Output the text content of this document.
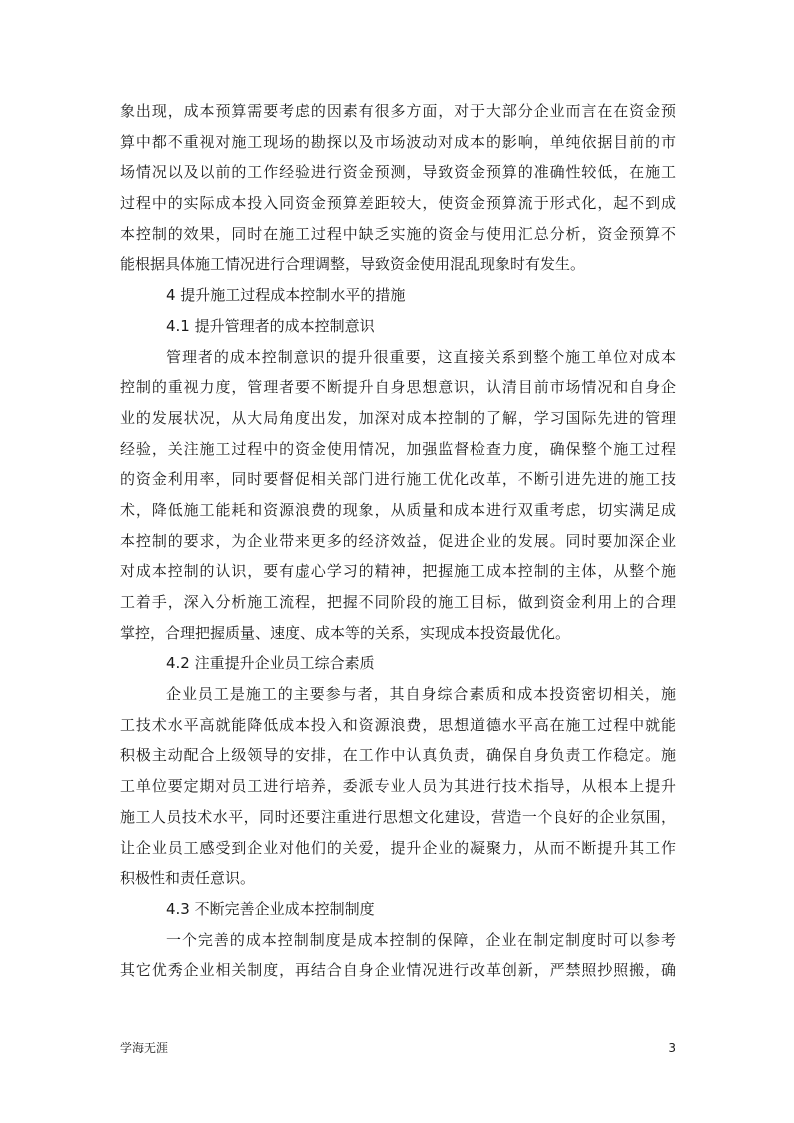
象出现，成本预算需要考虑的因素有很多方面，对于大部分企业而言在在资金预
算中都不重视对施工现场的勘探以及市场波动对成本的影响，单纯依据目前的市
场情况以及以前的工作经验进行资金预测，导致资金预算的准确性较低，在施工
过程中的实际成本投入同资金预算差距较大，使资金预算流于形式化，起不到成
本控制的效果，同时在施工过程中缺乏实施的资金与使用汇总分析，资金预算不
能根据具体施工情况进行合理调整，导致资金使用混乱现象时有发生。
4 提升施工过程成本控制水平的措施
4.1 提升管理者的成本控制意识
管理者的成本控制意识的提升很重要，这直接关系到整个施工单位对成本
控制的重视力度，管理者要不断提升自身思想意识，认清目前市场情况和自身企
业的发展状况，从大局角度出发，加深对成本控制的了解，学习国际先进的管理
经验，关注施工过程中的资金使用情况，加强监督检查力度，确保整个施工过程
的资金利用率，同时要督促相关部门进行施工优化改革，不断引进先进的施工技
术，降低施工能耗和资源浪费的现象，从质量和成本进行双重考虑，切实满足成
本控制的要求，为企业带来更多的经济效益，促进企业的发展。同时要加深企业
对成本控制的认识，要有虚心学习的精神，把握施工成本控制的主体，从整个施
工着手，深入分析施工流程，把握不同阶段的施工目标，做到资金利用上的合理
掌控，合理把握质量、速度、成本等的关系，实现成本投资最优化。
4.2 注重提升企业员工综合素质
企业员工是施工的主要参与者，其自身综合素质和成本投资密切相关，施
工技术水平高就能降低成本投入和资源浪费，思想道德水平高在施工过程中就能
积极主动配合上级领导的安排，在工作中认真负责，确保自身负责工作稳定。施
工单位要定期对员工进行培养，委派专业人员为其进行技术指导，从根本上提升
施工人员技术水平，同时还要注重进行思想文化建设，营造一个良好的企业氛围，
让企业员工感受到企业对他们的关爱，提升企业的凝聚力，从而不断提升其工作
积极性和责任意识。
4.3 不断完善企业成本控制制度
一个完善的成本控制制度是成本控制的保障，企业在制定制度时可以参考
其它优秀企业相关制度，再结合自身企业情况进行改革创新，严禁照抄照搬，确
学海无涯	3
